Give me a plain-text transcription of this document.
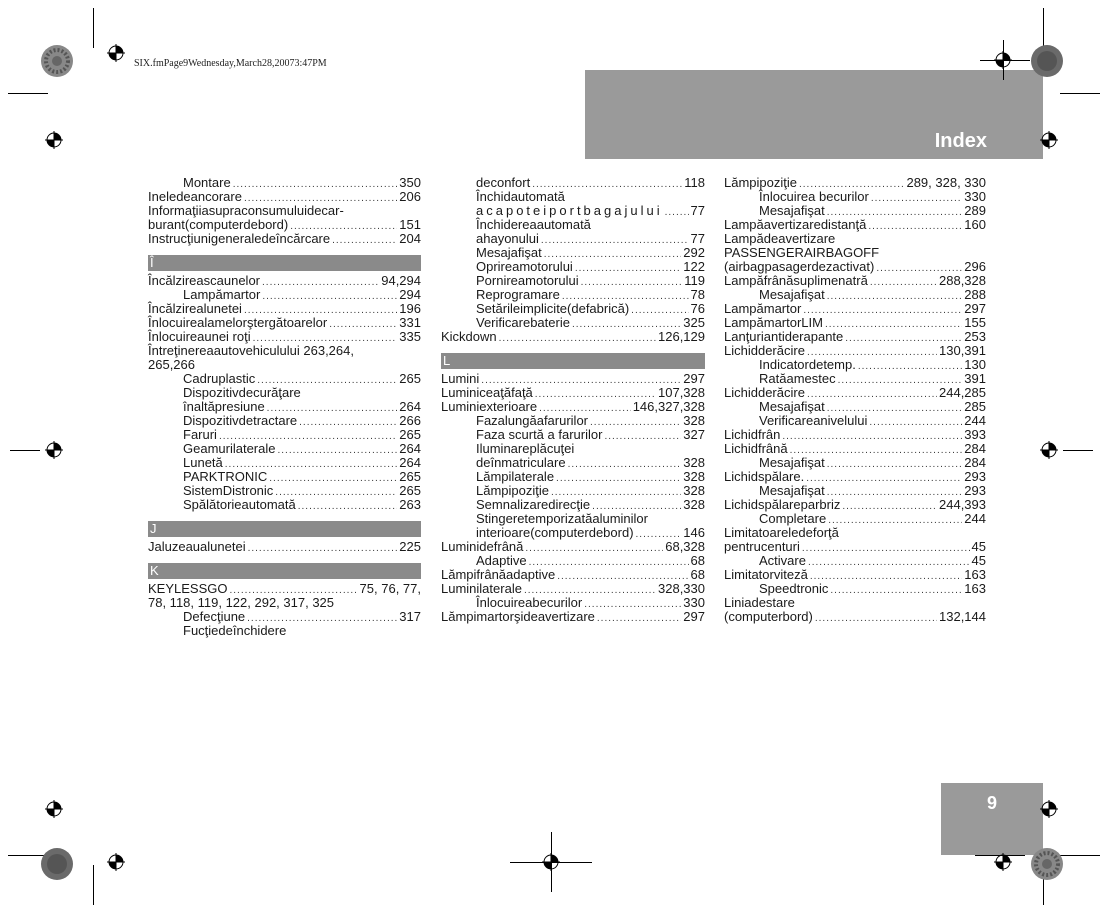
SIX.fmPage9Wednesday,March28,20073:47PM
Index
9
Montare .....	350
Ineledeancorare .....	206
Informaţiiasupraconsumuluidecar-
burant(computerdebord) .....	151
Instrucţiunigeneraledeîncărcare .....	204
Î
Încălzireascaunelor .....	94,294
Lampămartor .....	294
Încălzirealunetei .....	196
Înlocuirealamelorştergătoarelor .....	331
Înlocuireaunei roţi .....	335
Întreţinereaautovehiculului 263,264,
265,266
Cadruplastic .....	265
Dispozitivdecurăţare
înaltăpresiune .....	264
Dispozitivdetractare .....	266
Faruri .....	265
Geamurilaterale .....	264
Lunetă .....	264
PARKTRONIC .....	265
SistemDistronic .....	265
Spălătorieautomată .....	263
J
Jaluzeaualunetei .....	225
K
KEYLESSGO .....	75, 76, 77,
78, 118, 119, 122, 292, 317, 325
Defecţiune .....	317
Fucţiedeînchidere
deconfort .....	118
Închidautomată
acapoteiportbagajului ..... 77
Închidereaautomată
ahayonului .....	77
Mesajafişat .....	292
Oprireamotorului .....	122
Pornireamotorului .....	119
Reprogramare .....	78
Setărileimplicite(defabrică) .....	76
Verificarebaterie .....	325
Kickdown .....	126,129
L
Lumini .....	297
Luminiceaţăfaţă .....	107,328
Luminiexterioare .....	146,327,328
Fazalungăafarurilor .....	328
Faza scurtă a farurilor .....	327
Iluminareplăcuţei
deînmatriculare .....	328
Lămpilaterale .....	328
Lămpipoziţie .....	328
Semnalizaredirecţie .....	328
Stingeretemporizatăaluminilor
interioare(computerdebord) .....	146
Luminidefrână .....	68,328
Adaptive .....	68
Lămpifrânăadaptive .....	68
Luminilaterale .....	328,330
Înlocuireabecurilor .....	330
Lămpimartorşideavertizare .....	297
Lămpipoziţie .....	289, 328, 330
Înlocuirea becurilor .....	330
Mesajafişat .....	289
Lampăavertizaredistanţă .....	160
Lampădeavertizare
PASSENGERAIRBAGOFF
(airbagpasagerdezactivat) .....	296
Lampăfrânăsuplimenatră .....	288,328
Mesajafişat .....	288
Lampămartor .....	297
LampămartorLIM .....	155
Lanţuriantiderapante .....	253
Lichidderăcire .....	130,391
Indicatordetemp. .....	130
Ratăamestec .....	391
Lichidderăcire .....	244,285
Mesajafişat .....	285
Verificareanivelului .....	244
Lichidfrân .....	393
Lichidfrână .....	284
Mesajafişat .....	284
Lichidspălare. .....	293
Mesajafişat .....	293
Lichidspălareparbriz .....	244,393
Completare .....	244
Limitatoareledeforţă
pentrucenturi .....	45
Activare .....	45
Limitatorviteză .....	163
Speedtronic .....	163
Liniadestare
(computerbord) .....	132,144
